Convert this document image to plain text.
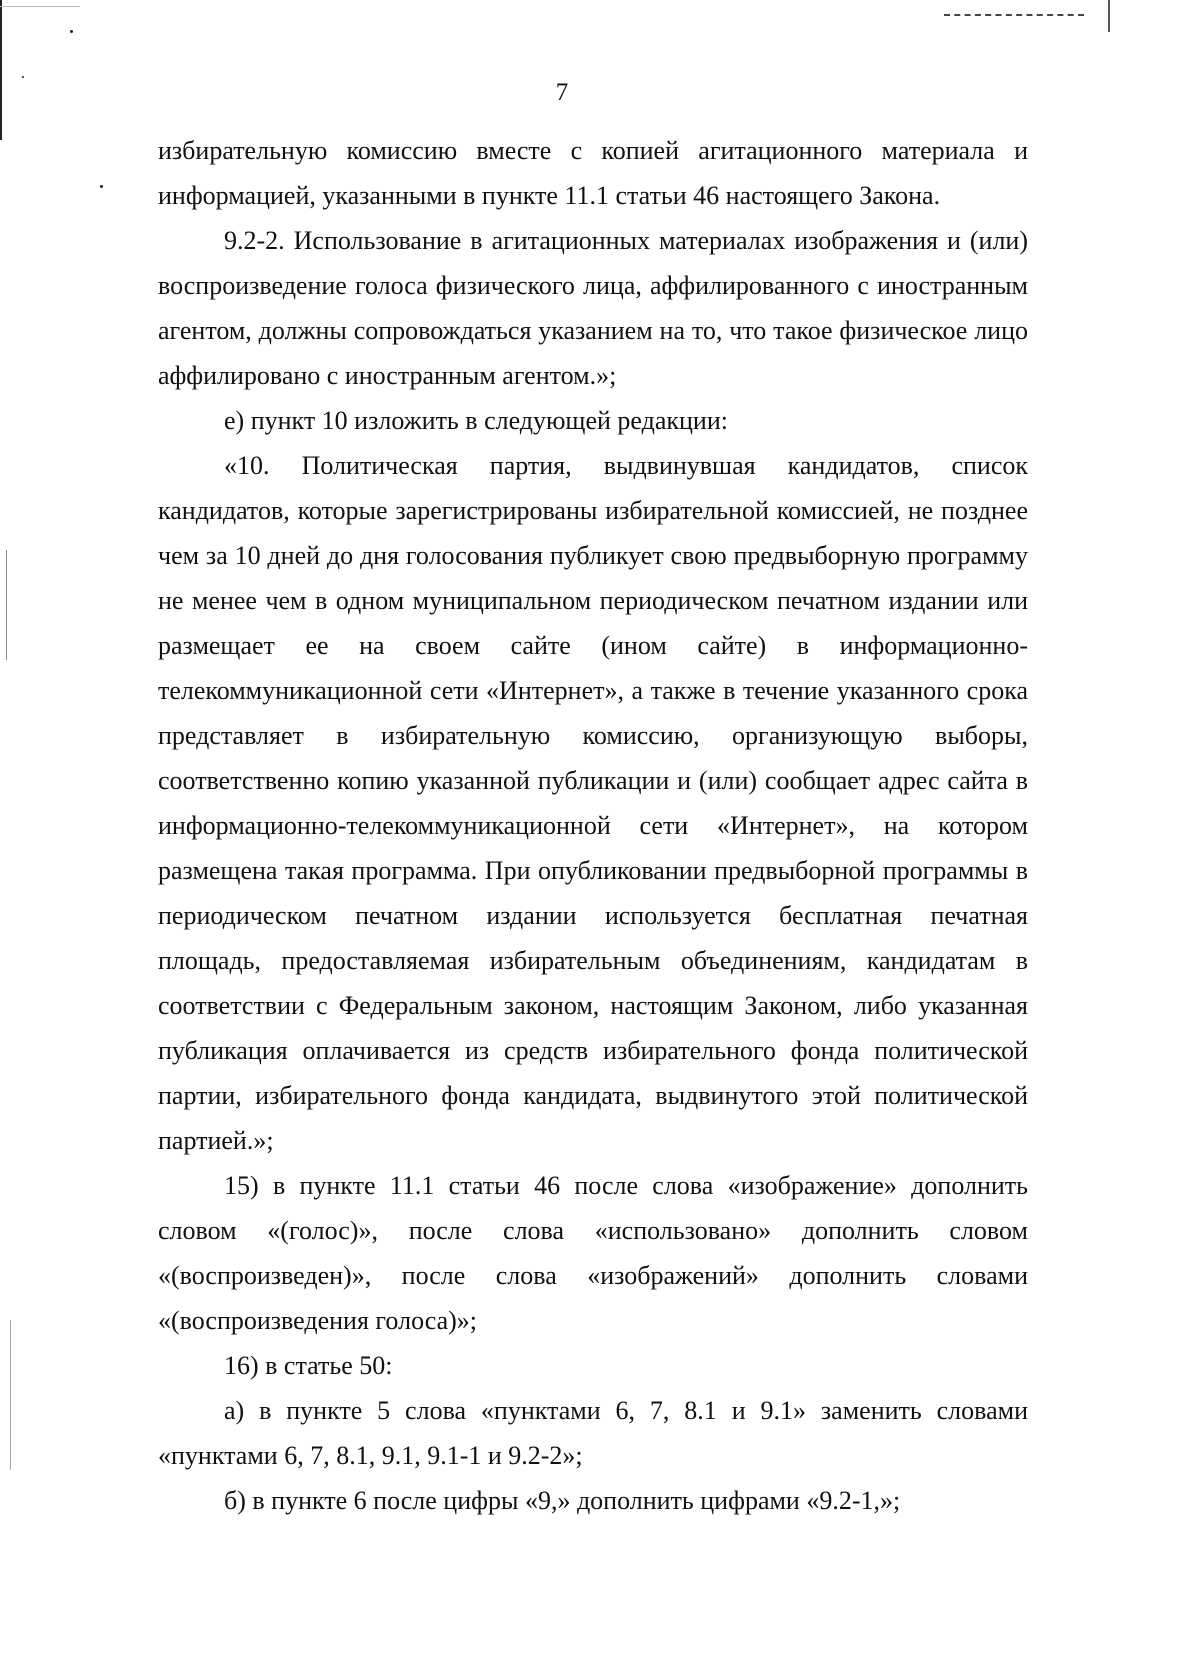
7

избирательную комиссию вместе с копией агитационного материала и информацией, указанными в пункте 11.1 статьи 46 настоящего Закона.

9.2-2. Использование в агитационных материалах изображения и (или) воспроизведение голоса физического лица, аффилированного с иностранным агентом, должны сопровождаться указанием на то, что такое физическое лицо аффилировано с иностранным агентом.»;

е) пункт 10 изложить в следующей редакции:

«10. Политическая партия, выдвинувшая кандидатов, список кандидатов, которые зарегистрированы избирательной комиссией, не позднее чем за 10 дней до дня голосования публикует свою предвыборную программу не менее чем в одном муниципальном периодическом печатном издании или размещает ее на своем сайте (ином сайте) в информационно-телекоммуникационной сети «Интернет», а также в течение указанного срока представляет в избирательную комиссию, организующую выборы, соответственно копию указанной публикации и (или) сообщает адрес сайта в информационно-телекоммуникационной сети «Интернет», на котором размещена такая программа. При опубликовании предвыборной программы в периодическом печатном издании используется бесплатная печатная площадь, предоставляемая избирательным объединениям, кандидатам в соответствии с Федеральным законом, настоящим Законом, либо указанная публикация оплачивается из средств избирательного фонда политической партии, избирательного фонда кандидата, выдвинутого этой политической партией.»;

15) в пункте 11.1 статьи 46 после слова «изображение» дополнить словом «(голос)», после слова «использовано» дополнить словом «(воспроизведен)», после слова «изображений» дополнить словами «(воспроизведения голоса)»;

16) в статье 50:

а) в пункте 5 слова «пунктами 6, 7, 8.1 и 9.1» заменить словами «пунктами 6, 7, 8.1, 9.1, 9.1-1 и 9.2-2»;

б) в пункте 6 после цифры «9,» дополнить цифрами «9.2-1,»;
